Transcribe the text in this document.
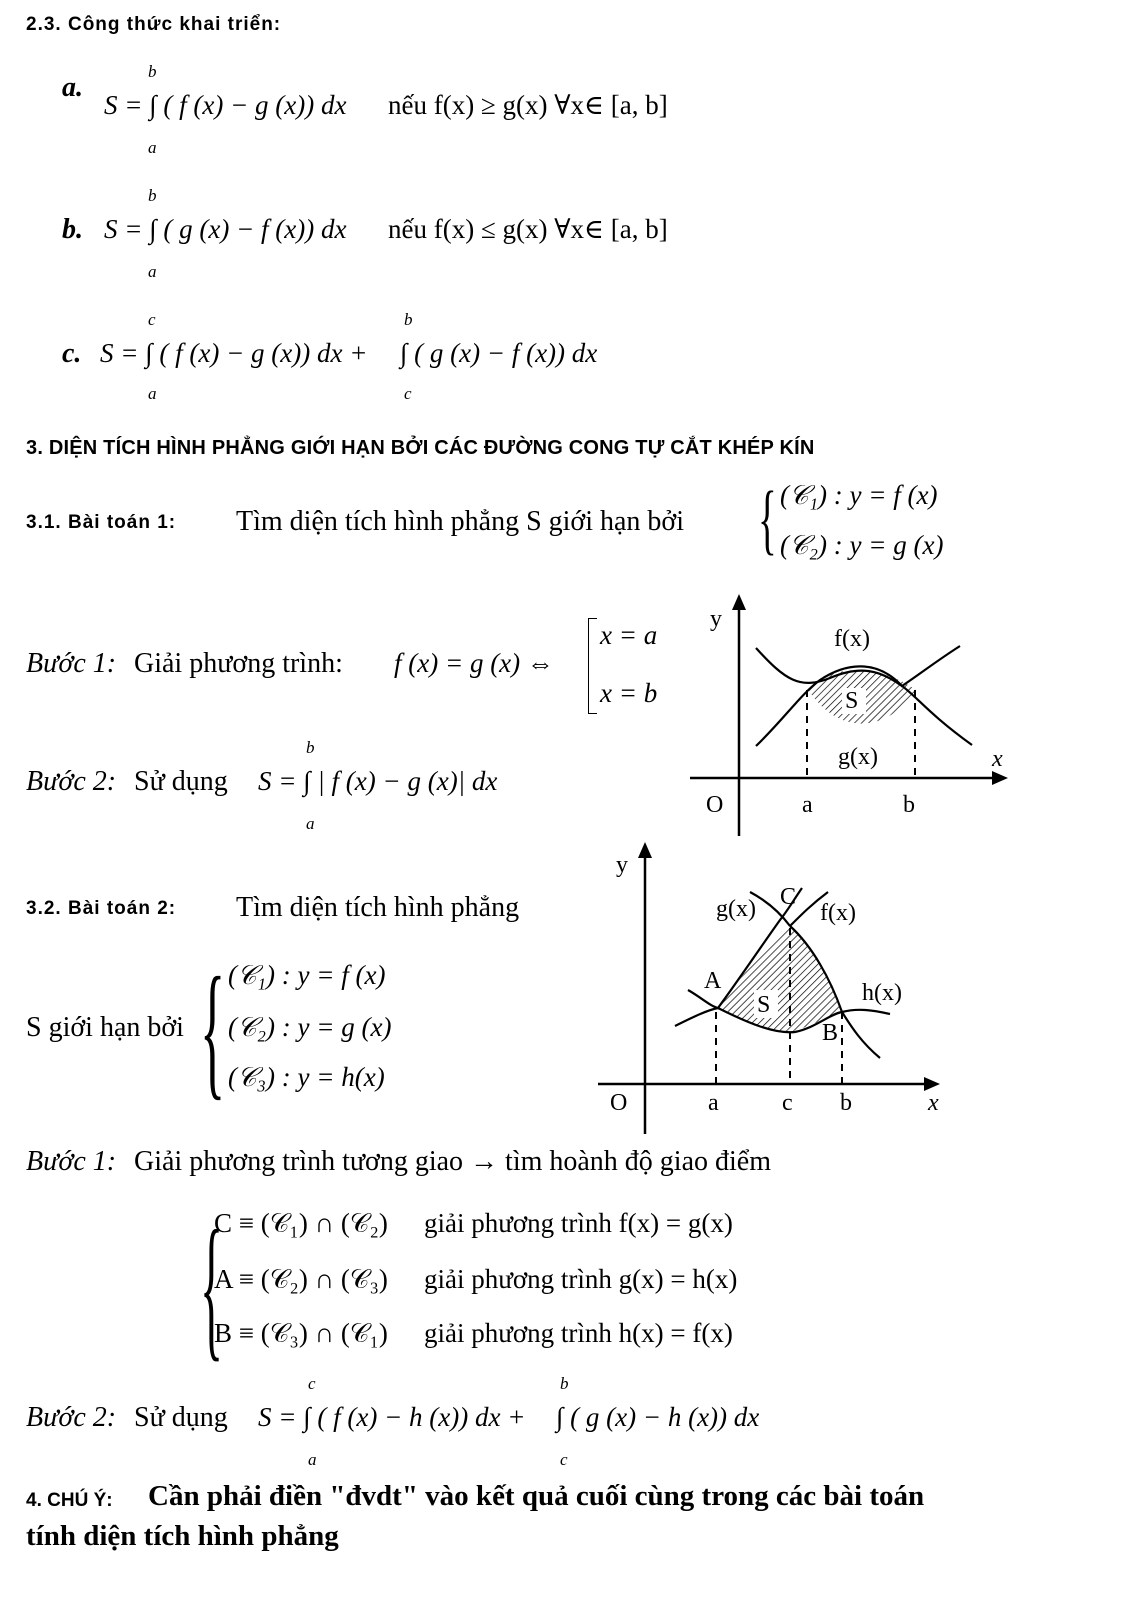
2.3. Công thức khai triển:
a.
S = ∫ ( f (x) − g (x)) dx
b
a
nếu f(x) ≥ g(x) ∀x∈ [a, b]
b. S = ∫ ( g (x) − f (x)) dx
b
a
nếu f(x) ≤ g(x) ∀x∈ [a, b]
c. S = ∫ ( f (x) − g (x)) dx +
c
a
∫ ( g (x) − f (x)) dx
b
c
3. DIỆN TÍCH HÌNH PHẲNG GIỚI HẠN BỞI CÁC ĐƯỜNG CONG TỰ CẮT KHÉP KÍN
3.1. Bài toán 1: Tìm diện tích hình phẳng S giới hạn bởi { (𝒞₁) : y = f (x)
(𝒞₂) : y = g (x)
Bước 1: Giải phương trình: f (x) = g (x) ⇔
x = a
x = b
Bước 2: Sử dụng S = ∫ | f (x) − g (x)| dx
b
a
S
y
x
O	a	b
f(x)
g(x)
3.2. Bài toán 2: Tìm diện tích hình phẳng
S giới hạn bởi { (𝒞₁) : y = f (x)
(𝒞₂) : y = g (x)
(𝒞₃) : y = h(x)
S
y
x
O	a	c b
A
B
C
g(x)	f(x)
h(x)
Bước 1: Giải phương trình tương giao → tìm hoành độ giao điểm
{
C ≡ (𝒞₁) ∩ (𝒞₂) giải phương trình f(x) = g(x)
A ≡ (𝒞₂) ∩ (𝒞₃) giải phương trình g(x) = h(x)
B ≡ (𝒞₃) ∩ (𝒞₁) giải phương trình h(x) = f(x)
Bước 2: Sử dụng S = ∫ ( f (x) − h (x)) dx +
c
a
∫ ( g (x) − h (x)) dx
b
c
4. CHÚ Ý: Cần phải điền "đvdt" vào kết quả cuối cùng trong các bài toán
tính diện tích hình phẳng
